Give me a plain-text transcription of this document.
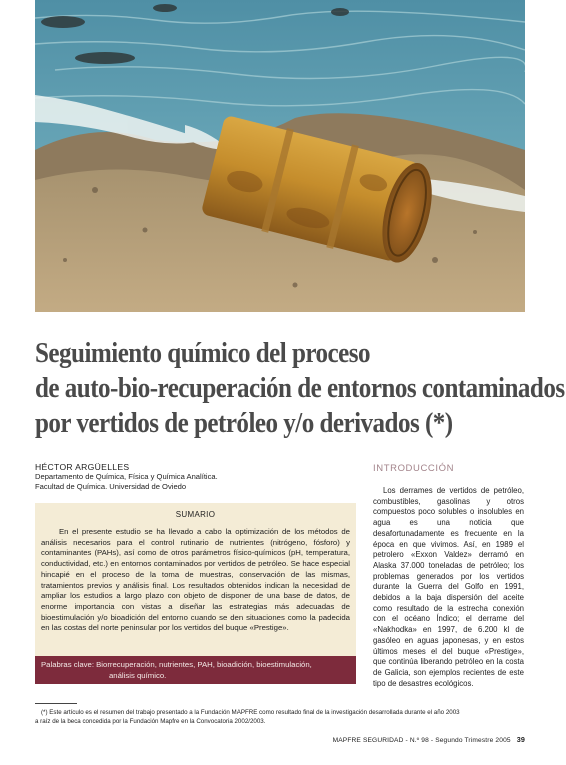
Seguimiento químico del proceso
de auto-bio-recuperación de entornos contaminados
por vertidos de petróleo y/o derivados (*)
HÉCTOR ARGÜELLES
Departamento de Química, Física y Química Analítica.
Facultad de Química. Universidad de Oviedo
SUMARIO
En el presente estudio se ha llevado a cabo la optimización de los métodos de análisis necesarios para el control rutinario de nutrientes (nitrógeno, fósforo) y contaminantes (PAHs), así como de otros parámetros físico-químicos (pH, temperatura, conductividad, etc.) en entornos contaminados por vertidos de petróleo. Se hace especial hincapié en el proceso de la toma de muestras, conservación de las mismas, tratamientos previos y análisis final. Los resultados obtenidos indican la necesidad de ampliar los estudios a largo plazo con objeto de disponer de una base de datos, de enorme importancia con vistas a diseñar las estrategias más adecuadas de bioestimulación y/o bioadición del entorno cuando se den situaciones como la padecida en las costas del norte peninsular por los vertidos del buque «Prestige».
Palabras clave: Biorrecuperación, nutrientes, PAH, bioadición, bioestimulación,
análisis químico.
INTRODUCCIÓN
Los derrames de vertidos de petróleo, combustibles, gasolinas y otros compuestos poco solubles o insolubles en agua es una noticia que desafortunadamente es frecuente en la época en que vivimos. Así, en 1989 el petrolero «Exxon Valdez» derramó en Alaska 37.000 toneladas de petróleo; los problemas generados por los vertidos durante la Guerra del Golfo en 1991, debidos a la baja dispersión del aceite como resultado de la estrecha conexión con el océano Índico; el derrame del «Nakhodka» en 1997, de 6.200 kl de gasóleo en aguas japonesas, y en estos últimos meses el del buque «Prestige», que continúa liberando petróleo en la costa de Galicia, son ejemplos recientes de este tipo de desastres ecológicos.
(*) Este artículo es el resumen del trabajo presentado a la Fundación MAPFRE como resultado final de la investigación desarrollada durante el año 2003
a raíz de la beca concedida por la Fundación Mapfre en la Convocatoria 2002/2003.
MAPFRE SEGURIDAD - N.º 98 - Segundo Trimestre 2005 39
